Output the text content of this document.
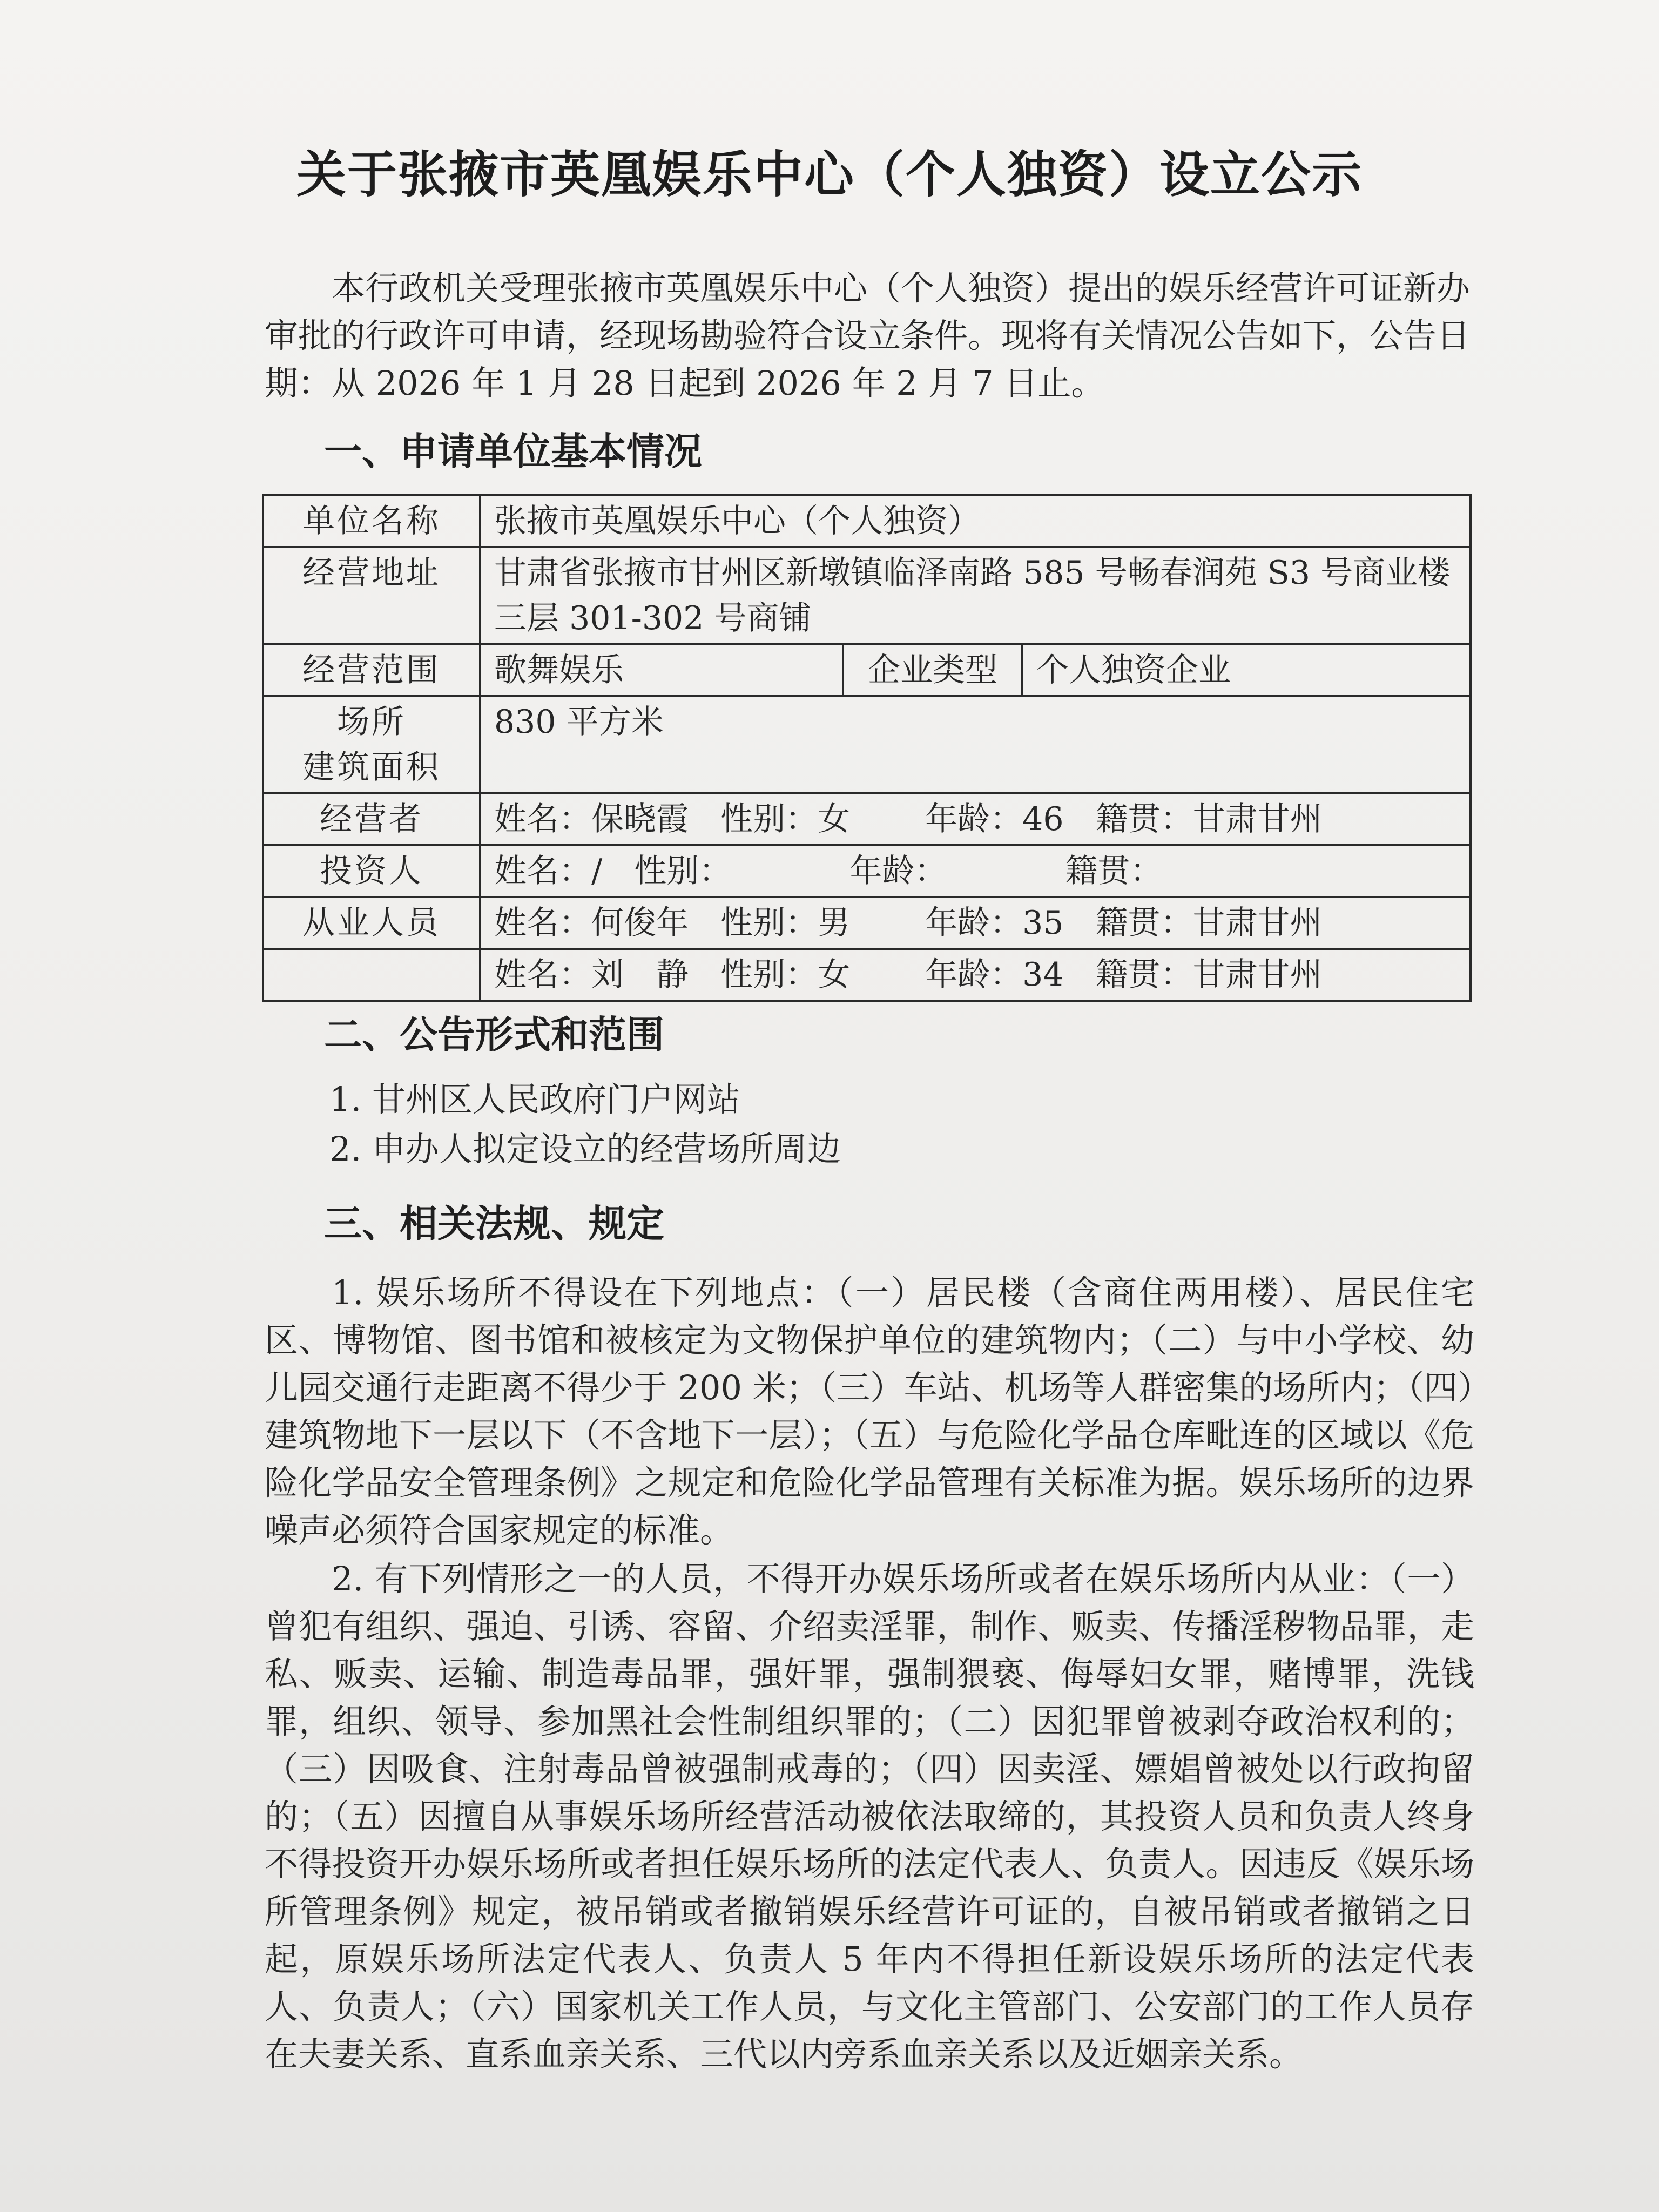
关于张掖市英凰娱乐中心（个人独资）设立公示

本行政机关受理张掖市英凰娱乐中心（个人独资）提出的娱乐经营许可证新办审批的行政许可申请，经现场勘验符合设立条件。现将有关情况公告如下，公告日期：从 2026 年 1 月 28 日起到 2026 年 2 月 7 日止。

一、申请单位基本情况
单位名称	张掖市英凰娱乐中心（个人独资）		
经营地址	甘肃省张掖市甘州区新墩镇临泽南路 585 号畅春润苑 S3 号商业楼三层 301-302 号商铺		
经营范围	歌舞娱乐	企业类型	个人独资企业

场所
建筑面积	830 平方米		
经营者	姓名：保晓霞 性别：女 年龄：46 籍贯：甘肃甘州		
投资人	姓名：/ 性别： 年龄： 籍贯：		
从业人员	姓名：何俊年 性别：男 年龄：35 籍贯：甘肃甘州		
	姓名：刘　静 性别：女 年龄：34 籍贯：甘肃甘州		
二、公告形式和范围
1. 甘州区人民政府门户网站
2. 申办人拟定设立的经营场所周边
三、相关法规、规定

1. 娱乐场所不得设在下列地点：（一）居民楼（含商住两用楼）、居民住宅区、博物馆、图书馆和被核定为文物保护单位的建筑物内；（二）与中小学校、幼儿园交通行走距离不得少于 200 米；（三）车站、机场等人群密集的场所内；（四）建筑物地下一层以下（不含地下一层）；（五）与危险化学品仓库毗连的区域以《危险化学品安全管理条例》之规定和危险化学品管理有关标准为据。娱乐场所的边界噪声必须符合国家规定的标准。

2. 有下列情形之一的人员，不得开办娱乐场所或者在娱乐场所内从业：（一）曾犯有组织、强迫、引诱、容留、介绍卖淫罪，制作、贩卖、传播淫秽物品罪，走私、贩卖、运输、制造毒品罪，强奸罪，强制猥亵、侮辱妇女罪，赌博罪，洗钱罪，组织、领导、参加黑社会性制组织罪的；（二）因犯罪曾被剥夺政治权利的；（三）因吸食、注射毒品曾被强制戒毒的；（四）因卖淫、嫖娼曾被处以行政拘留的；（五）因擅自从事娱乐场所经营活动被依法取缔的，其投资人员和负责人终身不得投资开办娱乐场所或者担任娱乐场所的法定代表人、负责人。因违反《娱乐场所管理条例》规定，被吊销或者撤销娱乐经营许可证的，自被吊销或者撤销之日起，原娱乐场所法定代表人、负责人 5 年内不得担任新设娱乐场所的法定代表人、负责人；（六）国家机关工作人员，与文化主管部门、公安部门的工作人员存在夫妻关系、直系血亲关系、三代以内旁系血亲关系以及近姻亲关系。
